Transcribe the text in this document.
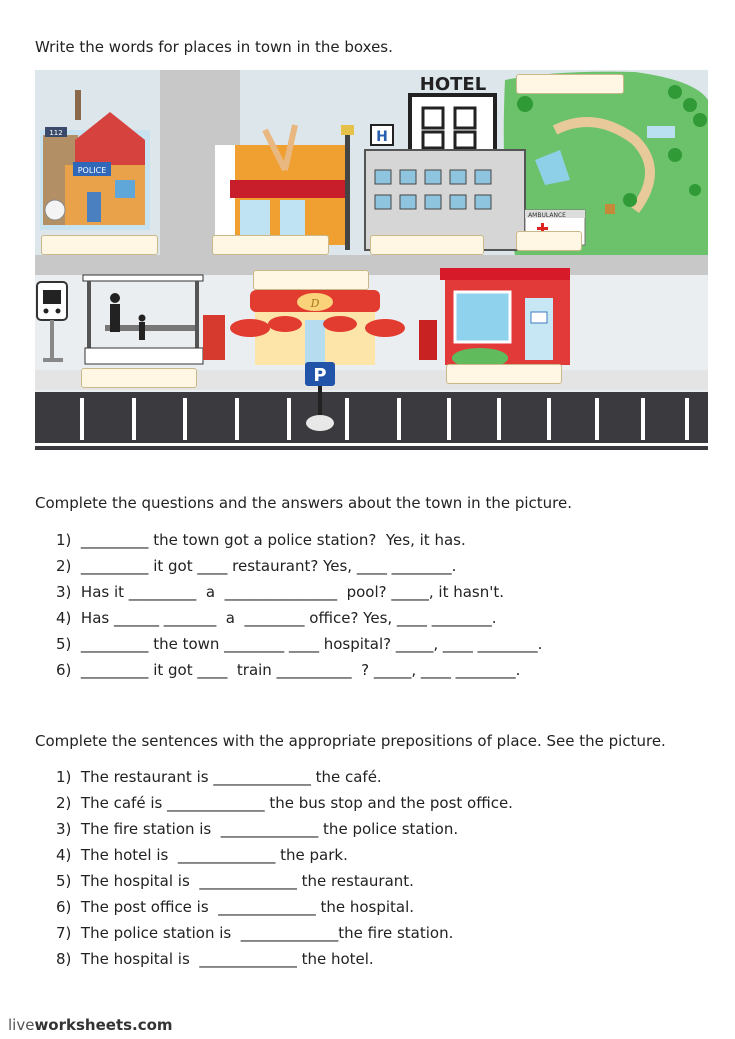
Write the words for places in town in the boxes.
POLICE
112
HOTEL
H
AMBULANCE
D
P
Complete the questions and the answers about the town in the picture.
1)  _________ the town got a police station?  Yes, it has.
2)  _________ it got ____ restaurant? Yes, ____ ________.
3)  Has it _________  a  _______________  pool? _____, it hasn't.
4)  Has ______ _______  a  ________ office? Yes, ____ ________.
5)  _________ the town ________ ____ hospital? _____, ____ ________.
6)  _________ it got ____  train __________  ? _____, ____ ________.
Complete the sentences with the appropriate prepositions of place. See the picture.
1)  The restaurant is _____________ the café.
2)  The café is _____________ the bus stop and the post office.
3)  The fire station is  _____________ the police station.
4)  The hotel is  _____________ the park.
5)  The hospital is  _____________ the restaurant.
6)  The post office is  _____________ the hospital.
7)  The police station is  _____________the fire station.
8)  The hospital is  _____________ the hotel.
liveworksheets.com
